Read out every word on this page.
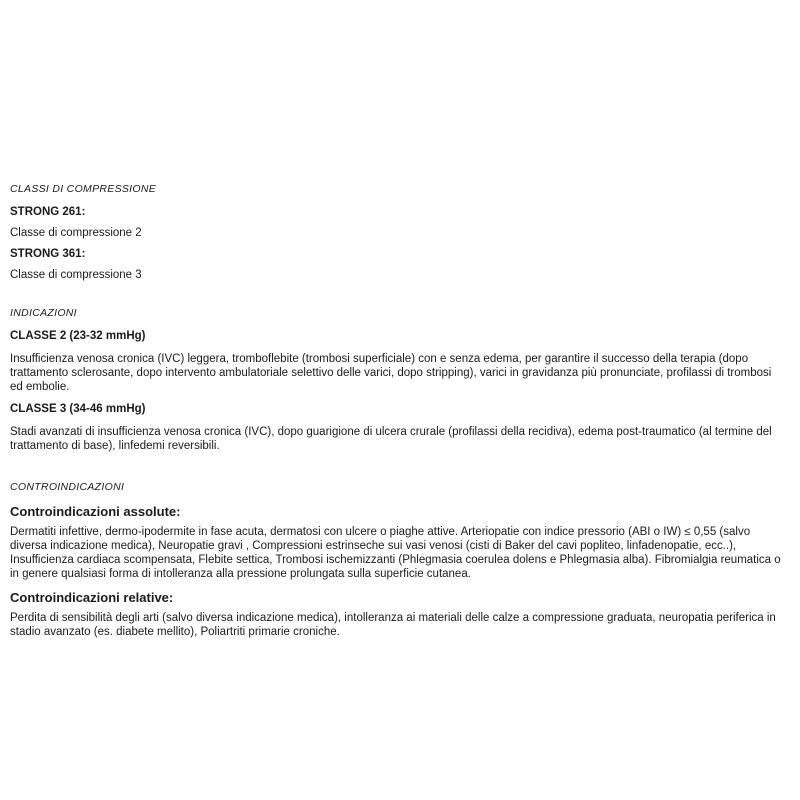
CLASSI DI COMPRESSIONE
STRONG 261:
Classe di compressione 2
STRONG 361:
Classe di compressione 3
INDICAZIONI
CLASSE 2 (23-32 mmHg)

Insufficienza venosa cronica (IVC) leggera, tromboflebite (trombosi superficiale) con e senza edema, per garantire il successo della terapia (dopo trattamento sclerosante, dopo intervento ambulatoriale selettivo delle varici, dopo stripping), varici in gravidanza più pronunciate, profilassi di trombosi ed embolie.

CLASSE 3 (34-46 mmHg)

Stadi avanzati di insufficienza venosa cronica (IVC), dopo guarigione di ulcera crurale (profilassi della recidiva), edema post-traumatico (al termine del trattamento di base), linfedemi reversibili.

CONTROINDICAZIONI
Controindicazioni assolute:

Dermatiti infettive, dermo-ipodermite in fase acuta, dermatosi con ulcere o piaghe attive. Arteriopatie con indice pressorio (ABI o IW) ≤ 0,55 (salvo diversa indicazione medica), Neuropatie gravi , Compressioni estrinseche sui vasi venosi (cisti di Baker del cavi popliteo, linfadenopatie, ecc..), Insufficienza cardiaca scompensata, Flebite settica, Trombosi ischemizzanti (Phlegmasia coerulea dolens e Phlegmasia alba). Fibromialgia reumatica o in genere qualsiasi forma di intolleranza alla pressione prolungata sulla superficie cutanea.

Controindicazioni relative:

Perdita di sensibilità degli arti (salvo diversa indicazione medica), intolleranza ai materiali delle calze a compressione graduata, neuropatia periferica in stadio avanzato (es. diabete mellito), Poliartriti primarie croniche.
